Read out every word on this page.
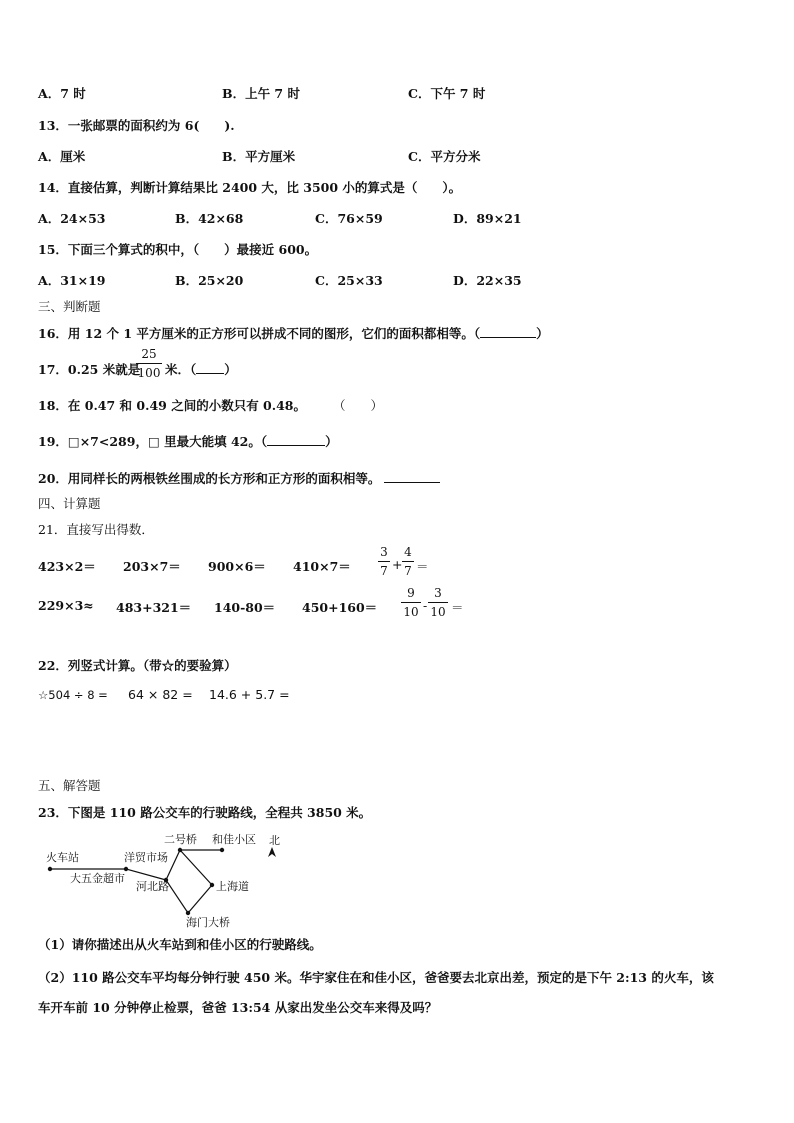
A．7 时	B．上午 7 时	C．下午 7 时
13．一张邮票的面积约为 6(　　).
A．厘米	B．平方厘米	C．平方分米
14．直接估算，判断计算结果比 2400 大，比 3500 小的算式是（　　）。
A．24×53	B．42×68	C．76×59	D．89×21
15．下面三个算式的积中，（　　）最接近 600。
A．31×19	B．25×20	C．25×33	D．22×35
三、判断题
16．用 12 个 1 平方厘米的正方形可以拼成不同的图形，它们的面积都相等。（	）
17．0.25 米就是
25
100 米．（ ）
18．在 0.47 和 0.49 之间的小数只有 0.48。 （　　）
19．□×7<289，□ 里最大能填 42。（	）
20．用同样长的两根铁丝围成的长方形和正方形的面积相等。
四、计算题
21．直接写出得数．
423×2＝ 203×7＝ 900×6＝ 410×7＝
3
7 +
4
7 ＝
229×3≈ 483+321＝ 140-80＝ 450+160＝
9
10 -
3
10 ＝
22．列竖式计算。（带☆的要验算）
☆504 ÷ 8 = 64 × 82 = 14.6 + 5.7 =
五、解答题
23．下图是 110 路公交车的行驶路线，全程共 3850 米。
火车站
大五金超市
洋贸市场
河北路
二号桥 和佳小区 北
上海道
海门大桥
（1）请你描述出从火车站到和佳小区的行驶路线。
（2）110 路公交车平均每分钟行驶 450 米。华宇家住在和佳小区，爸爸要去北京出差，预定的是下午 2:13 的火车，该
车开车前 10 分钟停止检票，爸爸 13:54 从家出发坐公交车来得及吗？
